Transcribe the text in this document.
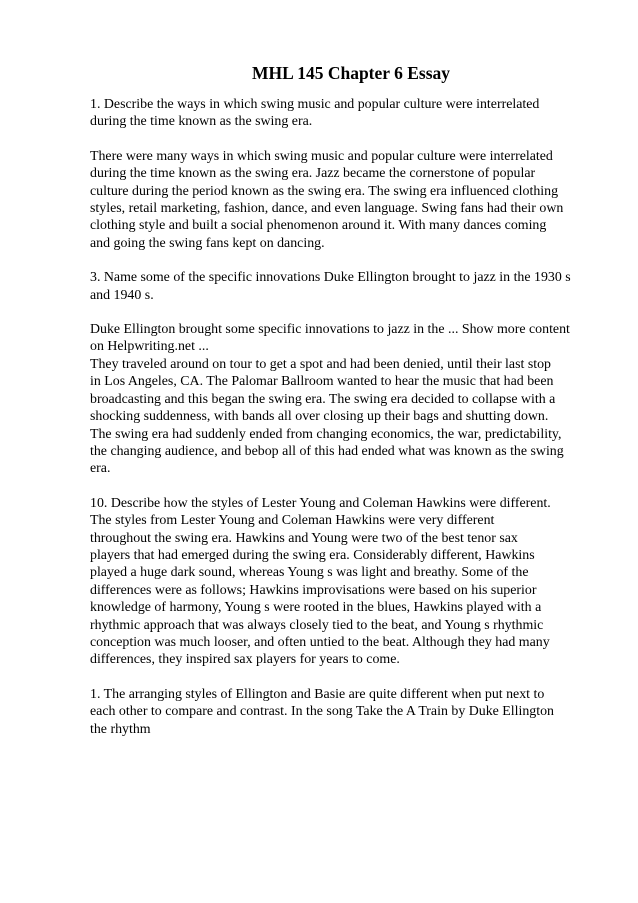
MHL 145 Chapter 6 Essay

1. Describe the ways in which swing music and popular culture were interrelated
during the time known as the swing era.

There were many ways in which swing music and popular culture were interrelated
during the time known as the swing era. Jazz became the cornerstone of popular
culture during the period known as the swing era. The swing era influenced clothing
styles, retail marketing, fashion, dance, and even language. Swing fans had their own
clothing style and built a social phenomenon around it. With many dances coming
and going the swing fans kept on dancing.

3. Name some of the specific innovations Duke Ellington brought to jazz in the 1930 s
and 1940 s.

Duke Ellington brought some specific innovations to jazz in the ... Show more content
on Helpwriting.net ...

They traveled around on tour to get a spot and had been denied, until their last stop
in Los Angeles, CA. The Palomar Ballroom wanted to hear the music that had been
broadcasting and this began the swing era. The swing era decided to collapse with a
shocking suddenness, with bands all over closing up their bags and shutting down.
The swing era had suddenly ended from changing economics, the war, predictability,
the changing audience, and bebop all of this had ended what was known as the swing
era.

10. Describe how the styles of Lester Young and Coleman Hawkins were different.
The styles from Lester Young and Coleman Hawkins were very different
throughout the swing era. Hawkins and Young were two of the best tenor sax
players that had emerged during the swing era. Considerably different, Hawkins
played a huge dark sound, whereas Young s was light and breathy. Some of the
differences were as follows; Hawkins improvisations were based on his superior
knowledge of harmony, Young s were rooted in the blues, Hawkins played with a
rhythmic approach that was always closely tied to the beat, and Young s rhythmic
conception was much looser, and often untied to the beat. Although they had many
differences, they inspired sax players for years to come.

1. The arranging styles of Ellington and Basie are quite different when put next to
each other to compare and contrast. In the song Take the A Train by Duke Ellington
the rhythm
